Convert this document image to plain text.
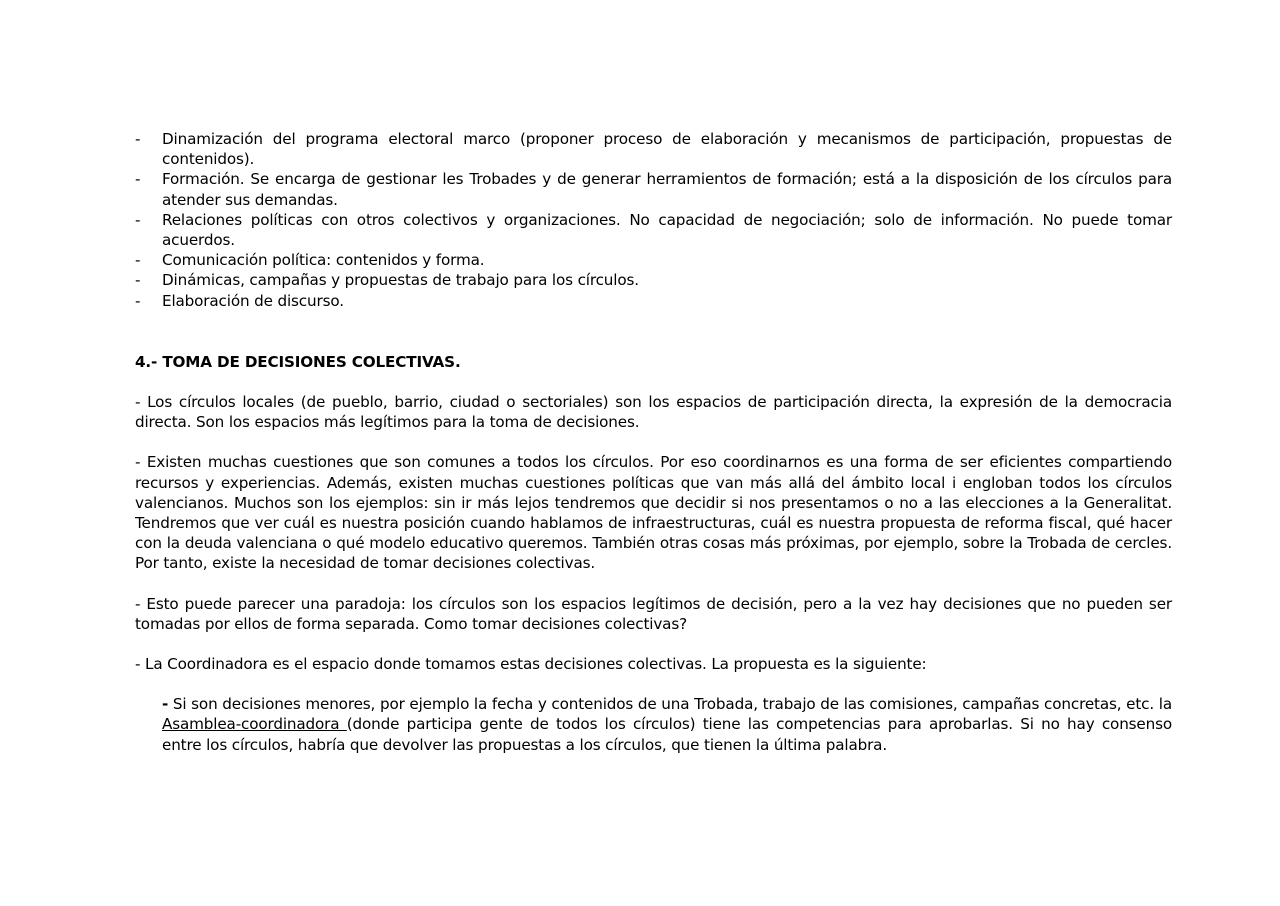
-	Dinamización del programa electoral marco (proponer proceso de elaboración y mecanismos de participación, propuestas de contenidos).
-	Formación. Se encarga de gestionar les Trobades y de generar herramientos de formación; está a la disposición de los círculos para atender sus demandas.
-	Relaciones políticas con otros colectivos y organizaciones. No capacidad de negociación; solo de información. No puede tomar acuerdos.
-	Comunicación política: contenidos y forma.
-	Dinámicas, campañas y propuestas de trabajo para los círculos.
-	Elaboración de discurso.
4.- TOMA DE DECISIONES COLECTIVAS.

- Los círculos locales (de pueblo, barrio, ciudad o sectoriales) son los espacios de participación directa, la expresión de la democracia directa. Son los espacios más legítimos para la toma de decisiones.

- Existen muchas cuestiones que son comunes a todos los círculos. Por eso coordinarnos es una forma de ser eficientes compartiendo recursos y experiencias. Además, existen muchas cuestiones políticas que van más allá del ámbito local i engloban todos los círculos valencianos. Muchos son los ejemplos: sin ir más lejos tendremos que decidir si nos presentamos o no a las elecciones a la Generalitat. Tendremos que ver cuál es nuestra posición cuando hablamos de infraestructuras, cuál es nuestra propuesta de reforma fiscal, qué hacer con la deuda valenciana o qué modelo educativo queremos. También otras cosas más próximas, por ejemplo, sobre la Trobada de cercles. Por tanto, existe la necesidad de tomar decisiones colectivas.

- Esto puede parecer una paradoja: los círculos son los espacios legítimos de decisión, pero a la vez hay decisiones que no pueden ser tomadas por ellos de forma separada. Como tomar decisiones colectivas?

- La Coordinadora es el espacio donde tomamos estas decisiones colectivas. La propuesta es la siguiente:

- Si son decisiones menores, por ejemplo la fecha y contenidos de una Trobada, trabajo de las comisiones, campañas concretas, etc. la Asamblea-coordinadora (donde participa gente de todos los círculos) tiene las competencias para aprobarlas. Si no hay consenso entre los círculos, habría que devolver las propuestas a los círculos, que tienen la última palabra.
